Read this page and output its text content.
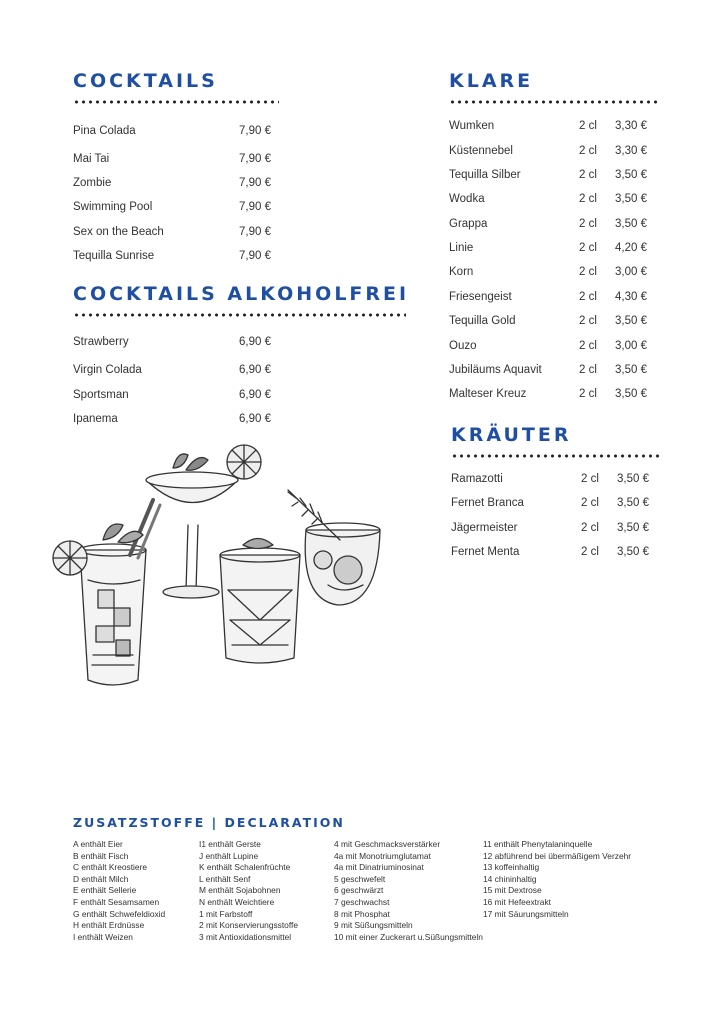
COCKTAILS
Pina Colada	7,90 €
Mai Tai	7,90 €
Zombie	7,90 €
Swimming Pool	7,90 €
Sex on the Beach	7,90 €
Tequilla Sunrise	7,90 €
COCKTAILS ALKOHOLFREI
Strawberry	6,90 €
Virgin Colada	6,90 €
Sportsman	6,90 €
Ipanema	6,90 €
KLARE
Wumken	2 cl 3,30 €
Küstennebel	2 cl 3,30 €
Tequilla Silber	2 cl 3,50 €
Wodka	2 cl 3,50 €
Grappa	2 cl 3,50 €
Linie	2 cl 4,20 €
Korn	2 cl 3,00 €
Friesengeist	2 cl 4,30 €
Tequilla Gold	2 cl 3,50 €
Ouzo	2 cl 3,00 €
Jubiläums Aquavit	2 cl 3,50 €
Malteser Kreuz	2 cl 3,50 €
KRÄUTER
Ramazotti	2 cl 3,50 €
Fernet Branca	2 cl 3,50 €
Jägermeister	2 cl 3,50 €
Fernet Menta	2 cl 3,50 €
ZUSATZSTOFFE | DECLARATION
A enthält Eier
B enthält Fisch
C enthält Kreostiere
D enthält Milch
E enthält Sellerie
F enthält Sesamsamen
G enthält Schwefeldioxid
H enthält Erdnüsse
I enthält Weizen
I1 enthält Gerste
J enthält Lupine
K enthält Schalenfrüchte
L enthält Senf
M enthält Sojabohnen
N enthält Weichtiere
1 mit Farbstoff
2 mit Konservierungsstoffe
3 mit Antioxidationsmittel
4 mit Geschmacksverstärker
4a mit Monotriumglutamat
4a mit Dinatriuminosinat
5 geschwefelt
6 geschwärzt
7 geschwachst
8 mit Phosphat
9 mit Süßungsmitteln
10 mit einer Zuckerart u.Süßungsmitteln
11 enthält Phenytalaninquelle
12 abführend bei übermäßigem Verzehr
13 koffeinhaltig
14 chininhaltig
15 mit Dextrose
16 mit Hefeextrakt
17 mit Säurungsmitteln
